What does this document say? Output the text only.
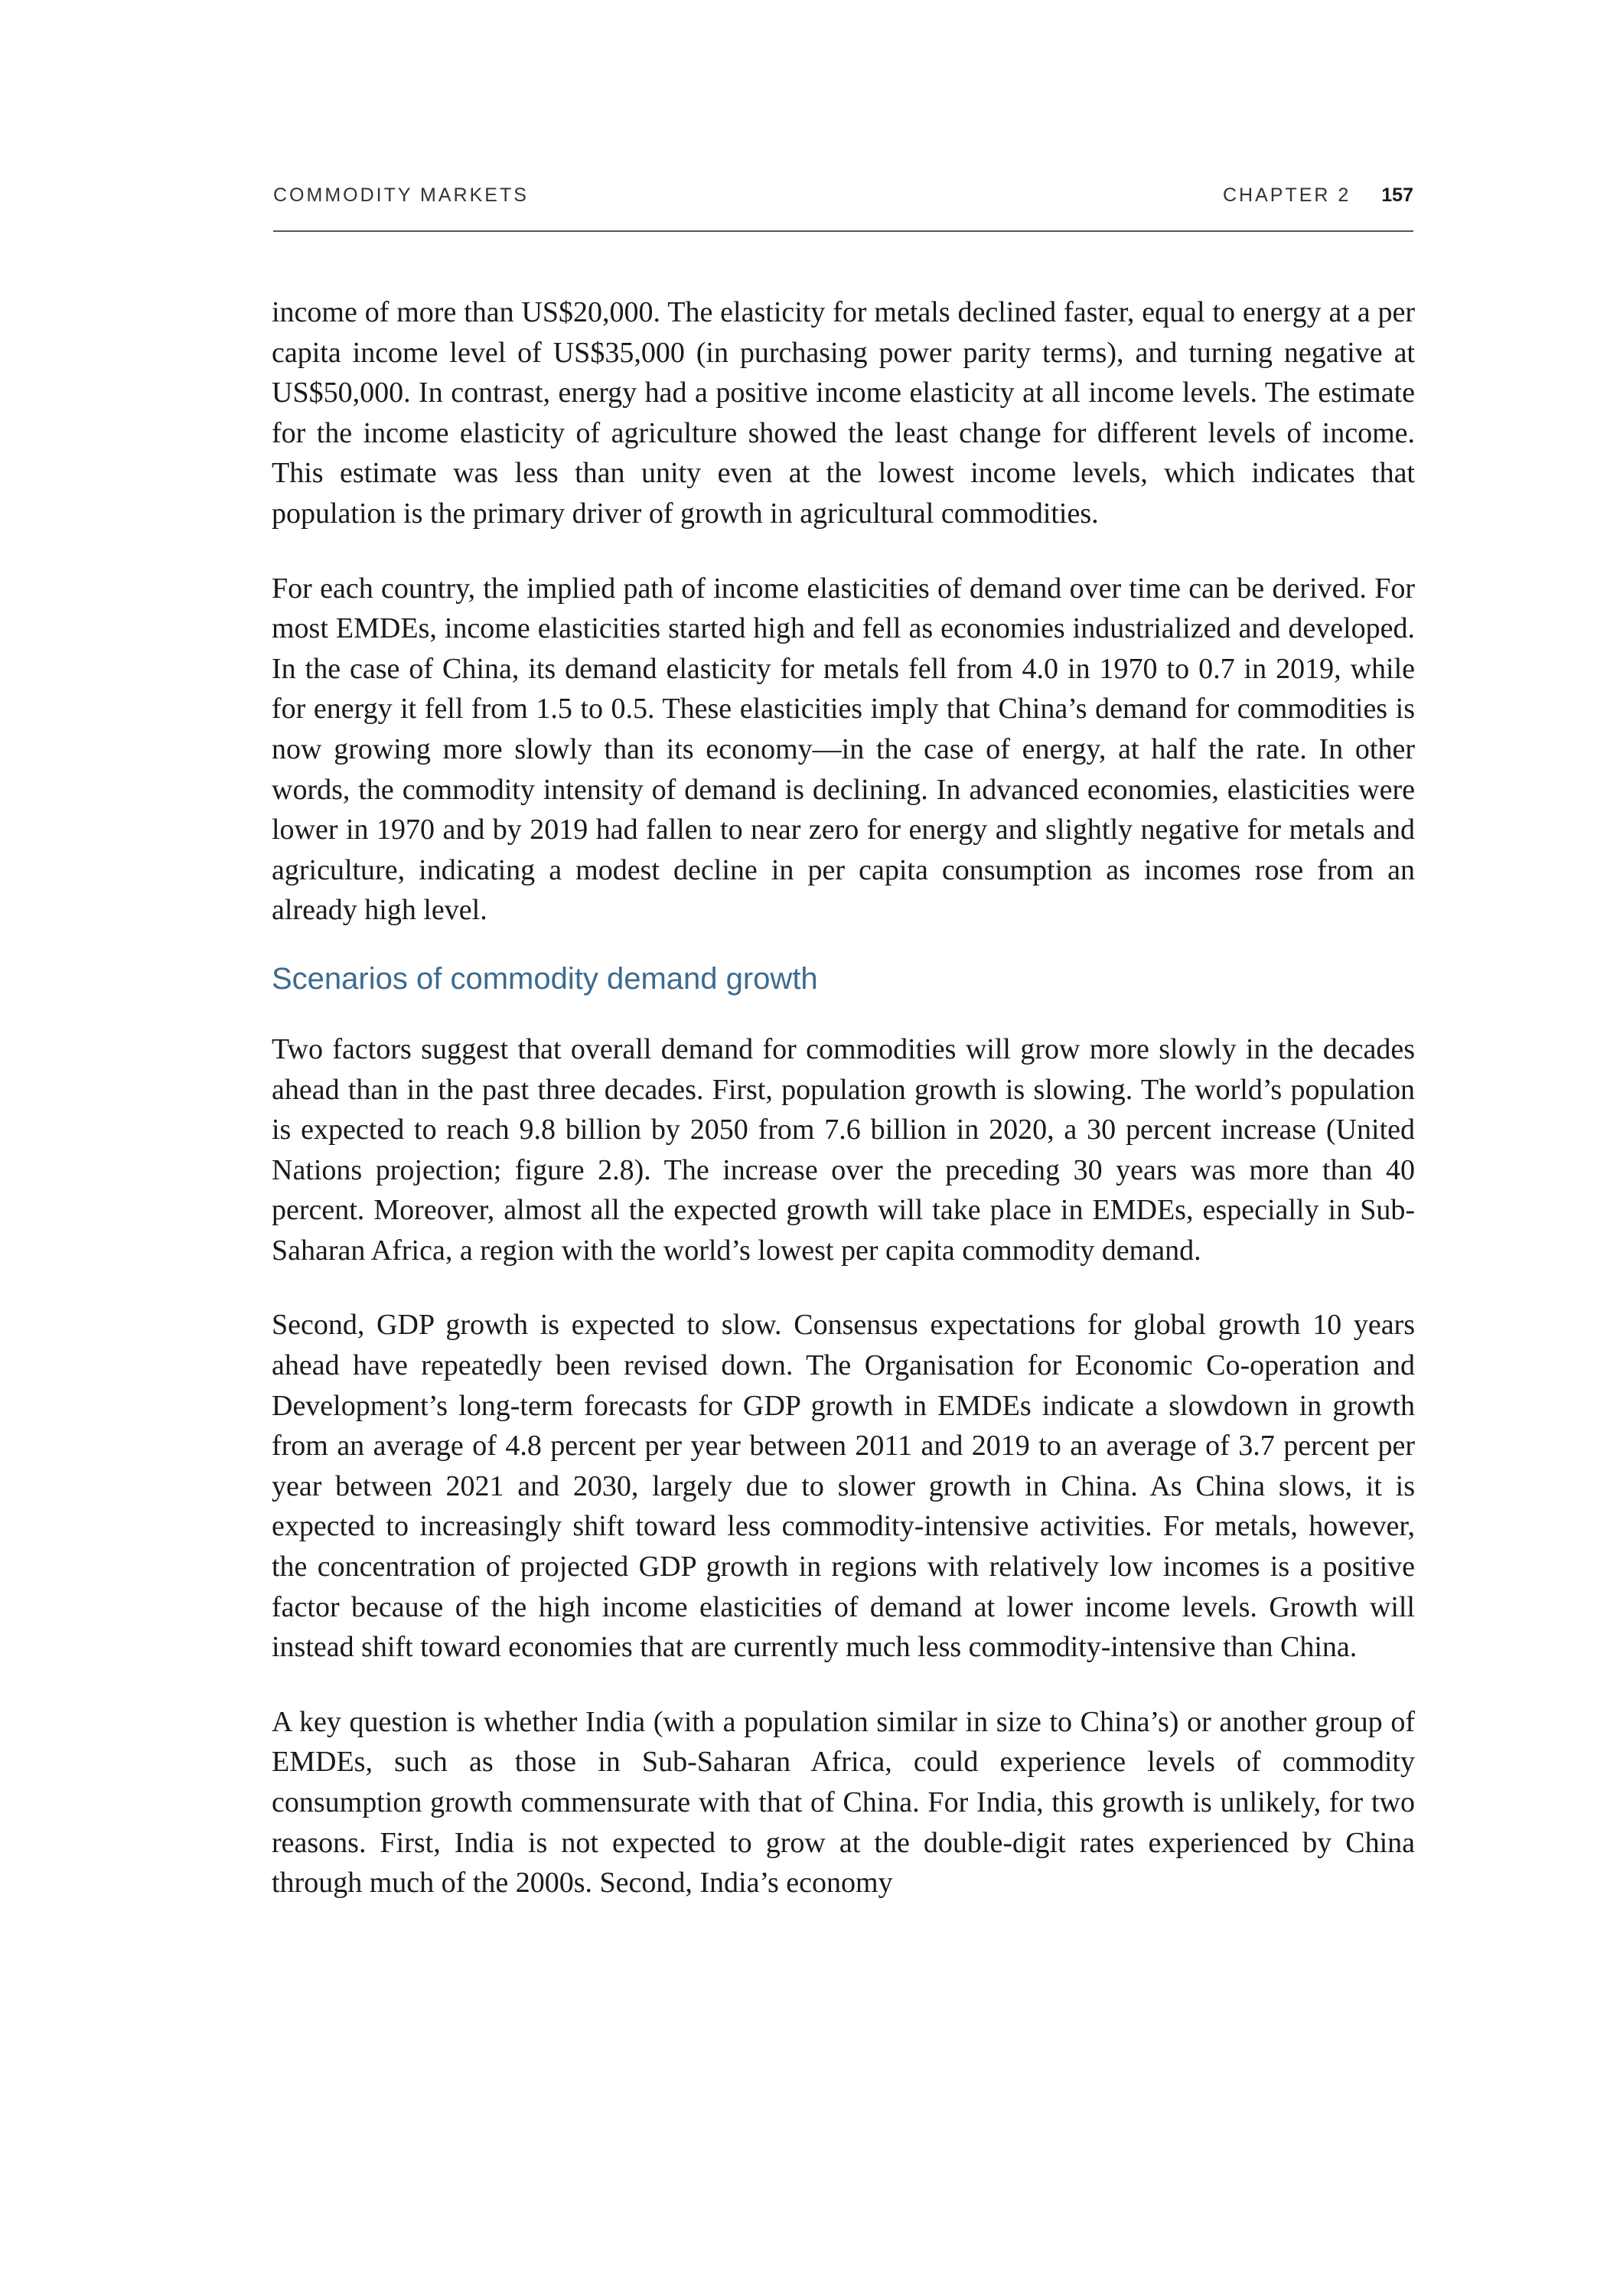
COMMODITY MARKETS	CHAPTER 2 157

income of more than US$20,000. The elasticity for metals declined faster, equal to energy at a per capita income level of US$35,000 (in purchasing power parity terms), and turning negative at US$50,000. In contrast, energy had a positive income elasticity at all income levels. The estimate for the income elasticity of agriculture showed the least change for different levels of income. This estimate was less than unity even at the lowest income levels, which indicates that population is the primary driver of growth in agricultural commodities.

For each country, the implied path of income elasticities of demand over time can be derived. For most EMDEs, income elasticities started high and fell as economies industrialized and developed. In the case of China, its demand elasticity for metals fell from 4.0 in 1970 to 0.7 in 2019, while for energy it fell from 1.5 to 0.5. These elasticities imply that China’s demand for commodities is now growing more slowly than its economy—in the case of energy, at half the rate. In other words, the commodity intensity of demand is declining. In advanced economies, elasticities were lower in 1970 and by 2019 had fallen to near zero for energy and slightly negative for metals and agriculture, indicating a modest decline in per capita consumption as incomes rose from an already high level.

Scenarios of commodity demand growth

Two factors suggest that overall demand for commodities will grow more slowly in the decades ahead than in the past three decades. First, population growth is slowing. The world’s population is expected to reach 9.8 billion by 2050 from 7.6 billion in 2020, a 30 percent increase (United Nations projection; figure 2.8). The increase over the preceding 30 years was more than 40 percent. Moreover, almost all the expected growth will take place in EMDEs, especially in Sub-Saharan Africa, a region with the world’s lowest per capita commodity demand.

Second, GDP growth is expected to slow. Consensus expectations for global growth 10 years ahead have repeatedly been revised down. The Organisation for Economic Co-operation and Development’s long-term forecasts for GDP growth in EMDEs indicate a slowdown in growth from an average of 4.8 percent per year between 2011 and 2019 to an average of 3.7 percent per year between 2021 and 2030, largely due to slower growth in China. As China slows, it is expected to increasingly shift toward less commodity-intensive activities. For metals, however, the concentration of projected GDP growth in regions with relatively low incomes is a positive factor because of the high income elasticities of demand at lower income levels. Growth will instead shift toward economies that are currently much less commodity-intensive than China.

A key question is whether India (with a population similar in size to China’s) or another group of EMDEs, such as those in Sub-Saharan Africa, could experience levels of commodity consumption growth commensurate with that of China. For India, this growth is unlikely, for two reasons. First, India is not expected to grow at the double-digit rates experienced by China through much of the 2000s. Second, India’s economy
